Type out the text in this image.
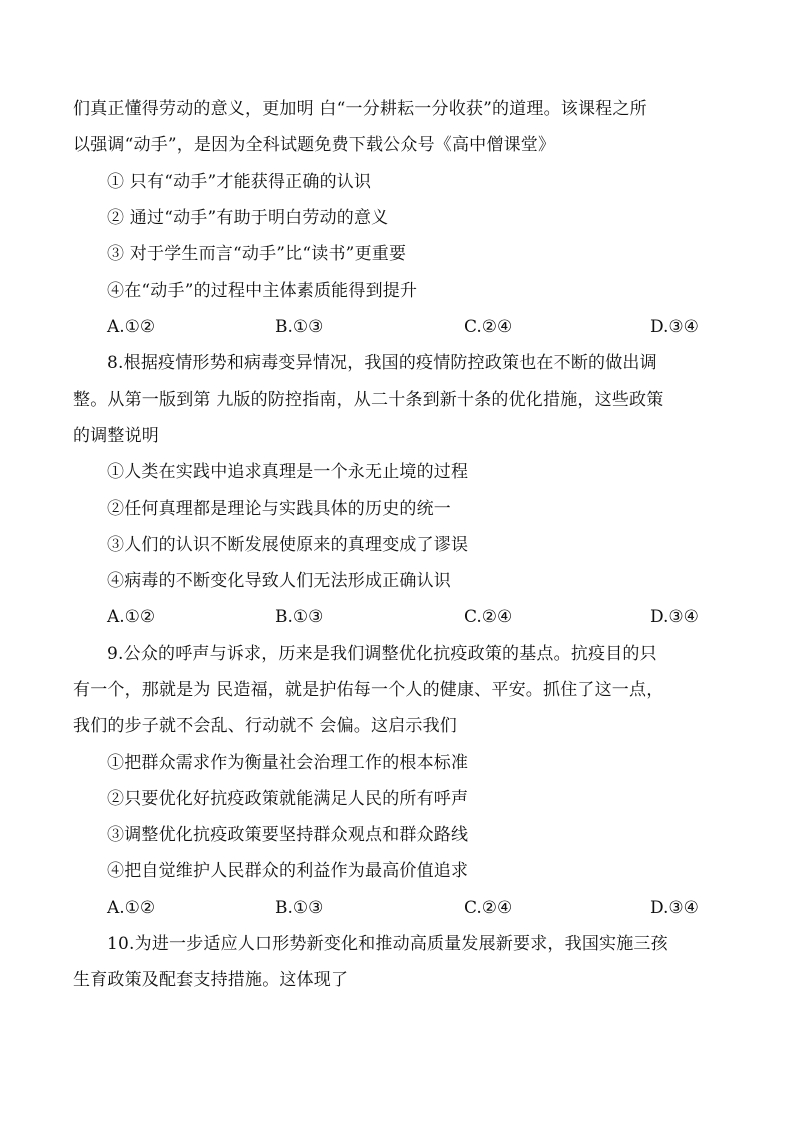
们真正懂得劳动的意义，更加明 白“一分耕耘一分收获”的道理。该课程之所
以强调“动手”，是因为全科试题免费下载公众号《高中僧课堂》
① 只有“动手”才能获得正确的认识
② 通过“动手”有助于明白劳动的意义
③ 对于学生而言“动手”比“读书”更重要
④在“动手”的过程中主体素质能得到提升
A.①②	B.①③	C.②④	D.③④
8.根据疫情形势和病毒变异情况，我国的疫情防控政策也在不断的做出调
整。从第一版到第 九版的防控指南，从二十条到新十条的优化措施，这些政策
的调整说明
①人类在实践中追求真理是一个永无止境的过程
②任何真理都是理论与实践具体的历史的统一
③人们的认识不断发展使原来的真理变成了谬误
④病毒的不断变化导致人们无法形成正确认识
A.①②	B.①③	C.②④	D.③④
9.公众的呼声与诉求，历来是我们调整优化抗疫政策的基点。抗疫目的只
有一个，那就是为 民造福，就是护佑每一个人的健康、平安。抓住了这一点，
我们的步子就不会乱、行动就不 会偏。这启示我们
①把群众需求作为衡量社会治理工作的根本标准
②只要优化好抗疫政策就能满足人民的所有呼声
③调整优化抗疫政策要坚持群众观点和群众路线
④把自觉维护人民群众的利益作为最高价值追求
A.①②	B.①③	C.②④	D.③④
10.为进一步适应人口形势新变化和推动高质量发展新要求，我国实施三孩
生育政策及配套支持措施。这体现了
